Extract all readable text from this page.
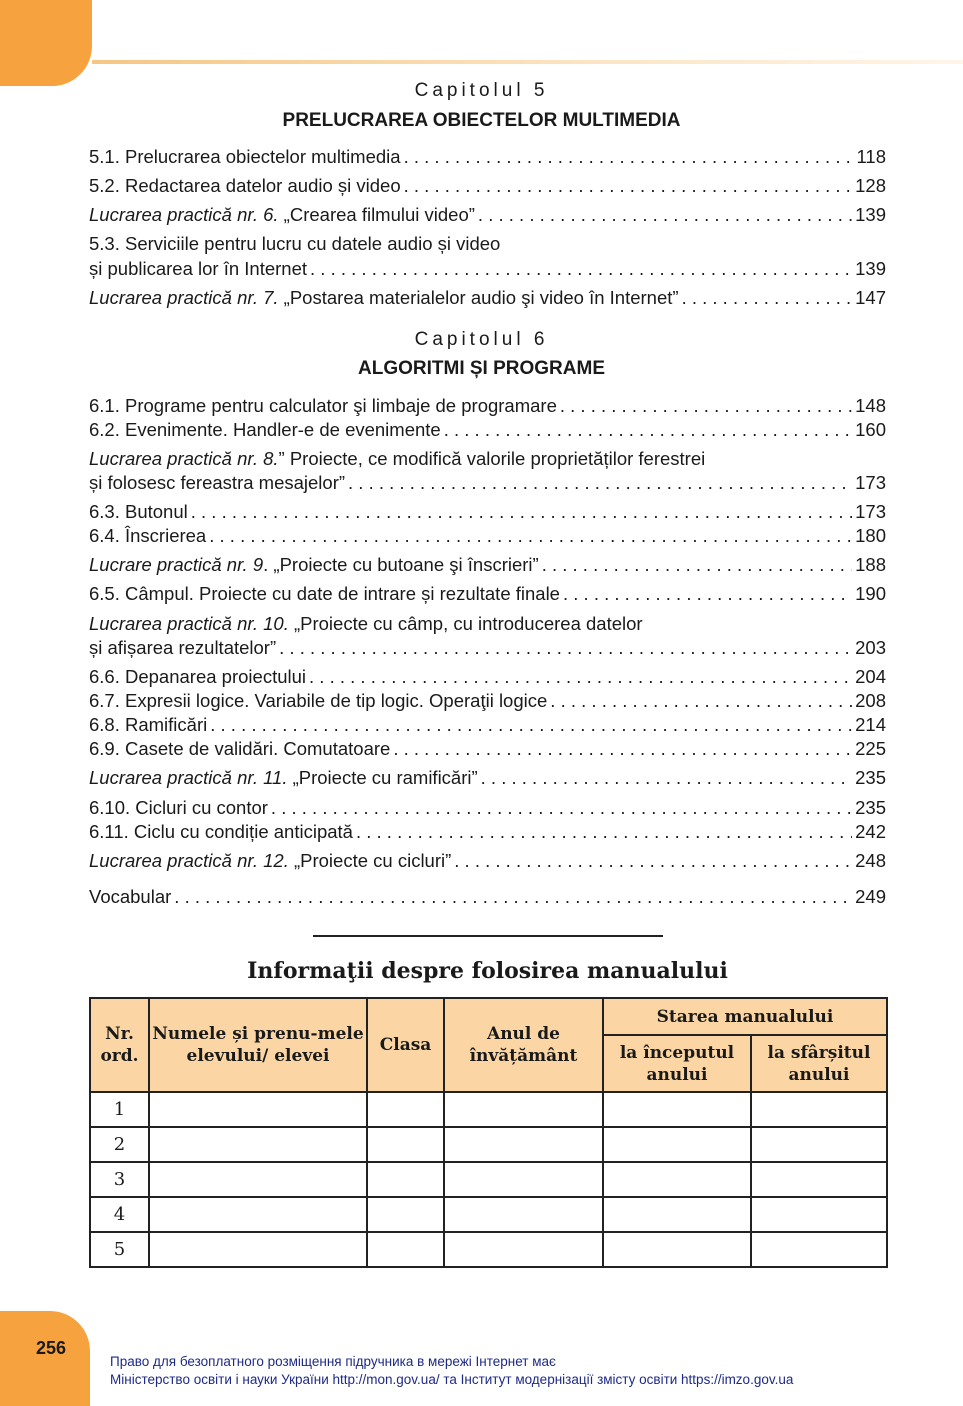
Capitolul 5
PRELUCRAREA OBIECTELOR MULTIMEDIA
5.1. Prelucrarea obiectelor multimedia . . .	118
5.2. Redactarea datelor audio și video . . .	128
Lucrarea practică nr. 6. „Crearea filmului video” . . .	139
5.3. Serviciile pentru lucru cu datele audio și video
și publicarea lor în Internet . . .	139
Lucrarea practică nr. 7. „Postarea materialelor audio şi video în Internet” . . .	147
Capitolul 6
ALGORITMI ȘI PROGRAME
6.1. Programe pentru calculator şi limbaje de programare . . .	148
6.2. Evenimente. Handler-e de evenimente . . .	160
Lucrarea practică nr. 8.” Proiecte, ce modifică valorile proprietăților ferestrei
și folosesc fereastra mesajelor” . . .	173
6.3. Butonul . . .	173
6.4. Înscrierea . . .	180
Lucrare practică nr. 9. „Proiecte cu butoane şi înscrieri” . . .	188
6.5. Câmpul. Proiecte cu date de intrare și rezultate finale . . .	190
Lucrarea practică nr. 10. „Proiecte cu câmp, cu introducerea datelor
și afișarea rezultatelor” . . .	203
6.6. Depanarea proiectului . . .	204
6.7. Expresii logice. Variabile de tip logic. Operaţii logice . . .	208
6.8. Ramificări . . .	214
6.9. Casete de validări. Comutatoare . . .	225
Lucrarea practică nr. 11. „Proiecte cu ramificări” . . .	235
6.10. Cicluri cu contor . . .	235
6.11. Ciclu cu condiție anticipată . . .	242
Lucrarea practică nr. 12. „Proiecte cu cicluri” . . .	248
Vocabular . . .	249
Informaţii despre folosirea manualului
Nr. ord.	Numele și prenu-mele elevului/ elevei	Clasa	Anul de învățământ	Starea manualului	
				la începutul anului	la sfârșitul anului
1					
2					
3					
4					
5					
256
Право для безоплатного розміщення підручника в мережі Інтернет має
Міністерство освіти і науки України http://mon.gov.ua/ та Інститут модернізації змісту освіти https://imzo.gov.ua
